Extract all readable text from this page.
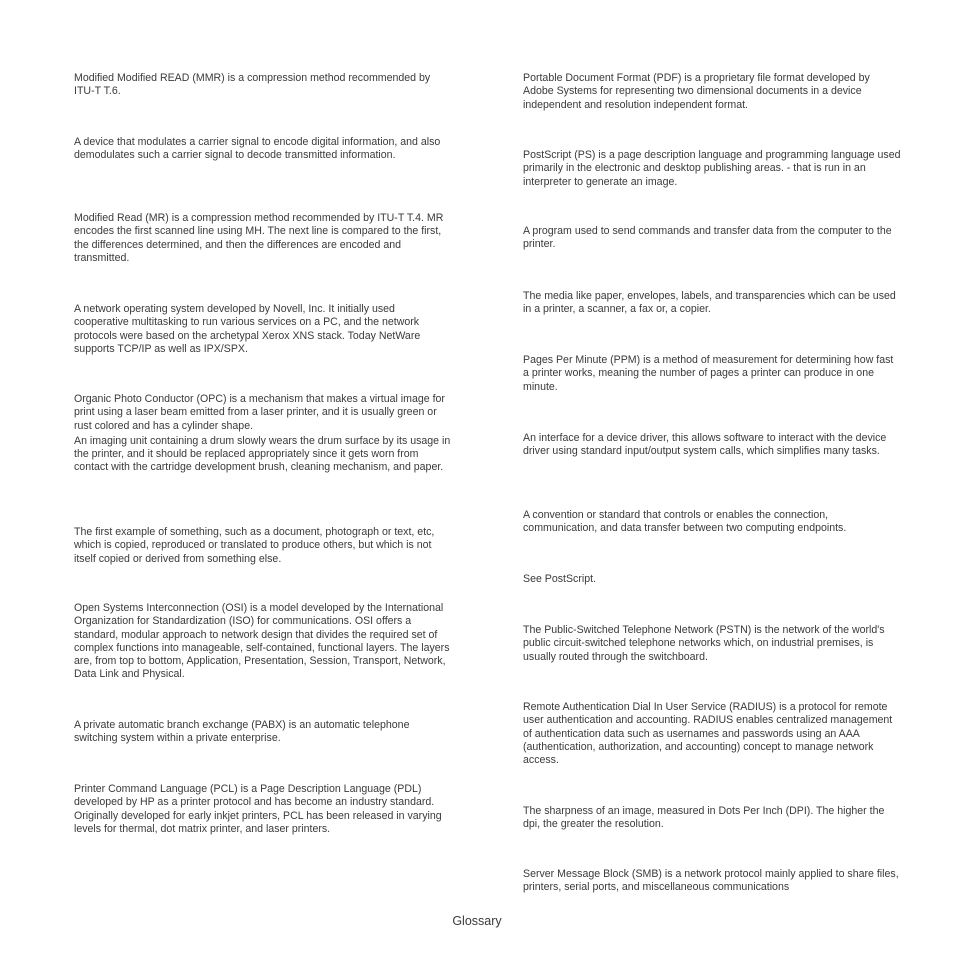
Modified Modified READ (MMR) is a compression method recommended by ITU-T T.6.

A device that modulates a carrier signal to encode digital information, and also demodulates such a carrier signal to decode transmitted information.

Modified Read (MR) is a compression method recommended by ITU-T T.4. MR encodes the first scanned line using MH. The next line is compared to the first, the differences determined, and then the differences are encoded and transmitted.

A network operating system developed by Novell, Inc. It initially used cooperative multitasking to run various services on a PC, and the network protocols were based on the archetypal Xerox XNS stack. Today NetWare supports TCP/IP as well as IPX/SPX.

Organic Photo Conductor (OPC) is a mechanism that makes a virtual image for print using a laser beam emitted from a laser printer, and it is usually green or rust colored and has a cylinder shape.

An imaging unit containing a drum slowly wears the drum surface by its usage in the printer, and it should be replaced appropriately since it gets worn from contact with the cartridge development brush, cleaning mechanism, and paper.

The first example of something, such as a document, photograph or text, etc, which is copied, reproduced or translated to produce others, but which is not itself copied or derived from something else.

Open Systems Interconnection (OSI) is a model developed by the International Organization for Standardization (ISO) for communications. OSI offers a standard, modular approach to network design that divides the required set of complex functions into manageable, self-contained, functional layers. The layers are, from top to bottom, Application, Presentation, Session, Transport, Network, Data Link and Physical.

A private automatic branch exchange (PABX) is an automatic telephone switching system within a private enterprise.

Printer Command Language (PCL) is a Page Description Language (PDL) developed by HP as a printer protocol and has become an industry standard. Originally developed for early inkjet printers, PCL has been released in varying levels for thermal, dot matrix printer, and laser printers.

Portable Document Format (PDF) is a proprietary file format developed by Adobe Systems for representing two dimensional documents in a device independent and resolution independent format.

PostScript (PS) is a page description language and programming language used primarily in the electronic and desktop publishing areas. - that is run in an interpreter to generate an image.

A program used to send commands and transfer data from the computer to the printer.

The media like paper, envelopes, labels, and transparencies which can be used in a printer, a scanner, a fax or, a copier.

Pages Per Minute (PPM) is a method of measurement for determining how fast a printer works, meaning the number of pages a printer can produce in one minute.

An interface for a device driver, this allows software to interact with the device driver using standard input/output system calls, which simplifies many tasks.

A convention or standard that controls or enables the connection, communication, and data transfer between two computing endpoints.

See PostScript.

The Public-Switched Telephone Network (PSTN) is the network of the world's public circuit-switched telephone networks which, on industrial premises, is usually routed through the switchboard.

Remote Authentication Dial In User Service (RADIUS) is a protocol for remote user authentication and accounting. RADIUS enables centralized management of authentication data such as usernames and passwords using an AAA (authentication, authorization, and accounting) concept to manage network access.

The sharpness of an image, measured in Dots Per Inch (DPI). The higher the dpi, the greater the resolution.

Server Message Block (SMB) is a network protocol mainly applied to share files, printers, serial ports, and miscellaneous communications

Glossary
